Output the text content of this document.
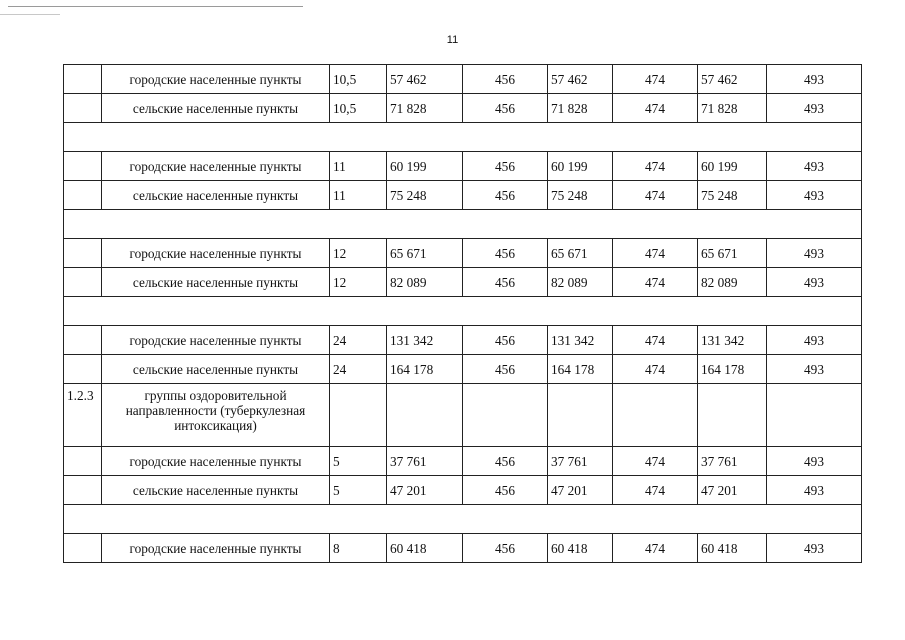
11
	городские населенные пункты	10,5	57 462	456	57 462	474	57 462	493
	сельские населенные пункты	10,5	71 828	456	71 828	474	71 828	493

	городские населенные пункты	11	60 199	456	60 199	474	60 199	493
	сельские населенные пункты	11	75 248	456	75 248	474	75 248	493

	городские населенные пункты	12	65 671	456	65 671	474	65 671	493
	сельские населенные пункты	12	82 089	456	82 089	474	82 089	493

	городские населенные пункты	24	131 342	456	131 342	474	131 342	493
	сельские населенные пункты	24	164 178	456	164 178	474	164 178	493
1.2.3	группы оздоровительной направленности (туберкулезная интоксикация)							
	городские населенные пункты	5	37 761	456	37 761	474	37 761	493
	сельские населенные пункты	5	47 201	456	47 201	474	47 201	493

	городские населенные пункты	8	60 418	456	60 418	474	60 418	493
